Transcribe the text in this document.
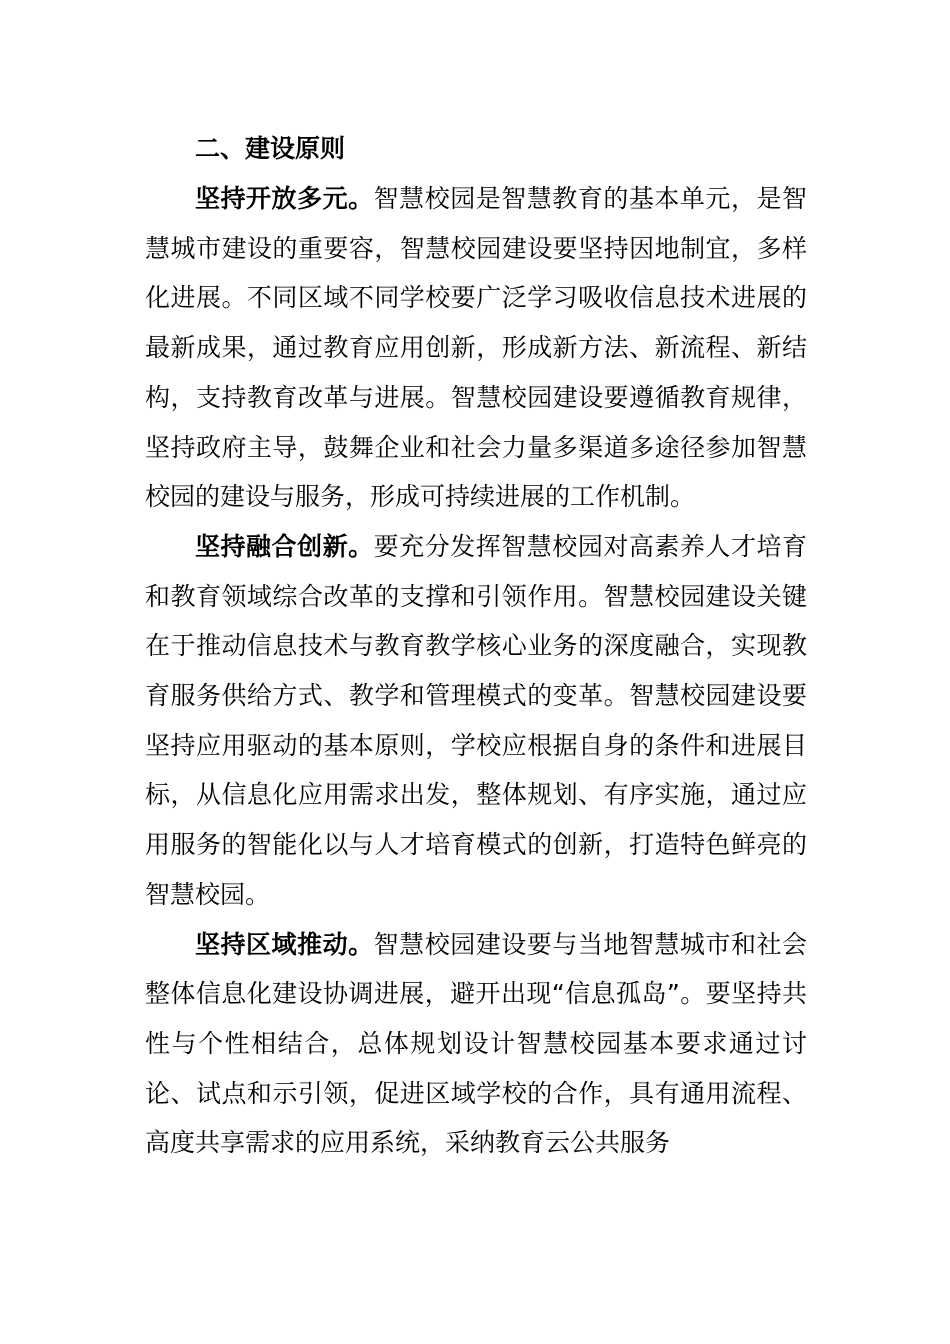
二、建设原则

坚持开放多元。智慧校园是智慧教育的基本单元，是智慧城市建设的重要容，智慧校园建设要坚持因地制宜，多样化进展。不同区域不同学校要广泛学习吸收信息技术进展的最新成果，通过教育应用创新，形成新方法、新流程、新结构，支持教育改革与进展。智慧校园建设要遵循教育规律，坚持政府主导，鼓舞企业和社会力量多渠道多途径参加智慧校园的建设与服务，形成可持续进展的工作机制。

坚持融合创新。要充分发挥智慧校园对高素养人才培育和教育领域综合改革的支撑和引领作用。智慧校园建设关键在于推动信息技术与教育教学核心业务的深度融合，实现教育服务供给方式、教学和管理模式的变革。智慧校园建设要坚持应用驱动的基本原则，学校应根据自身的条件和进展目标，从信息化应用需求出发，整体规划、有序实施，通过应用服务的智能化以与人才培育模式的创新，打造特色鲜亮的智慧校园。

坚持区域推动。智慧校园建设要与当地智慧城市和社会整体信息化建设协调进展，避开出现“信息孤岛”。要坚持共性与个性相结合，总体规划设计智慧校园基本要求通过讨论、试点和示引领，促进区域学校的合作，具有通用流程、高度共享需求的应用系统，采纳教育云公共服务
